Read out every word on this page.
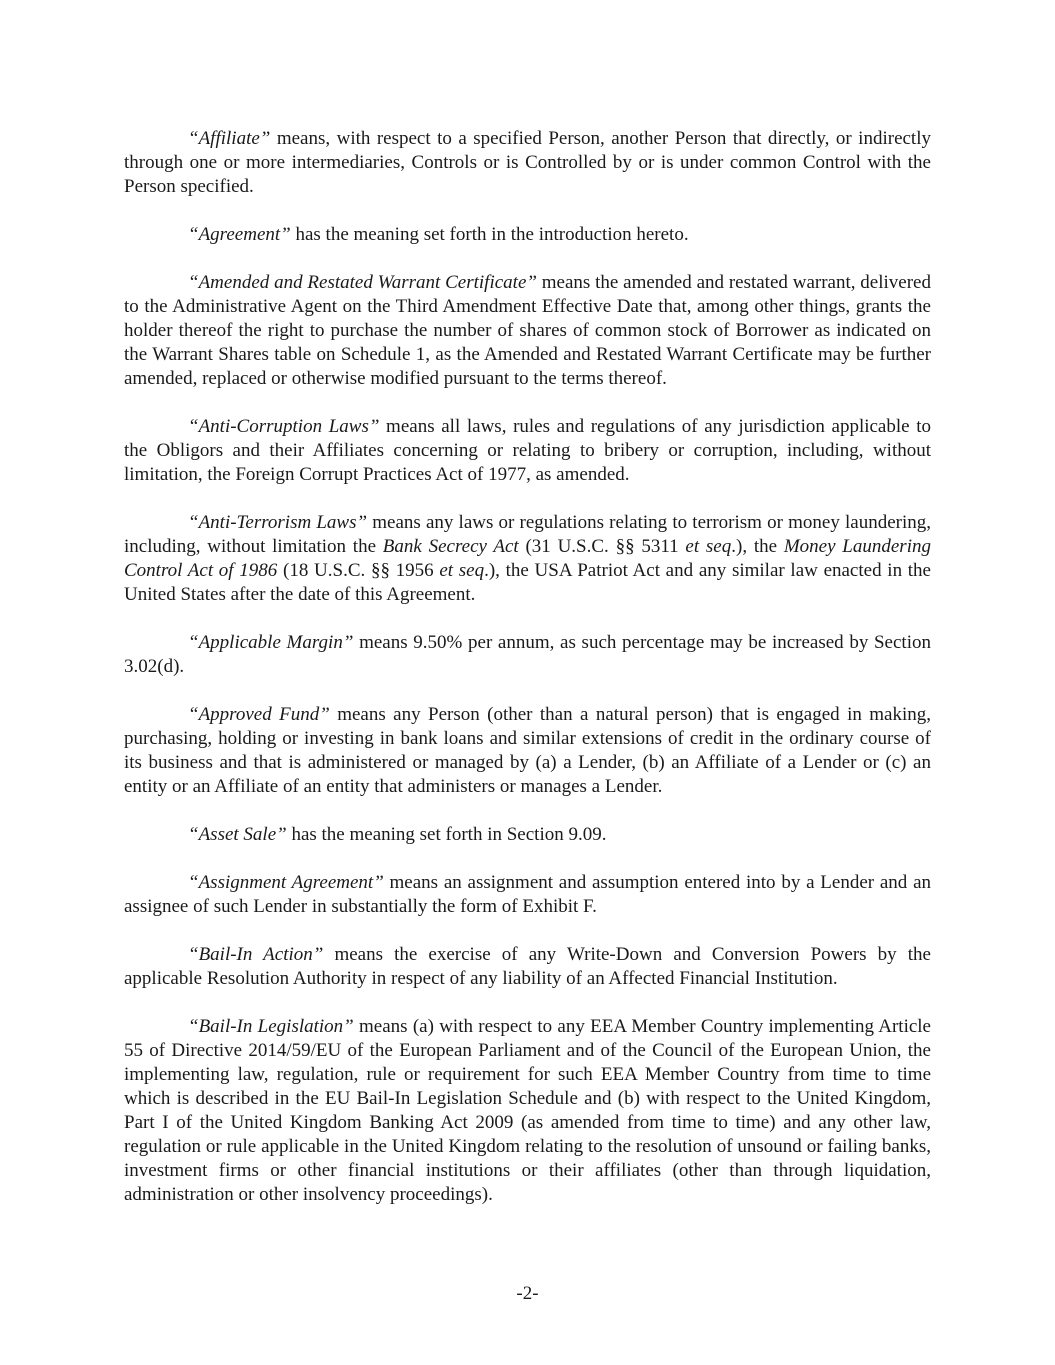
“Affiliate” means, with respect to a specified Person, another Person that directly, or indirectly through one or more intermediaries, Controls or is Controlled by or is under common Control with the Person specified.

“Agreement” has the meaning set forth in the introduction hereto.

“Amended and Restated Warrant Certificate” means the amended and restated warrant, delivered to the Administrative Agent on the Third Amendment Effective Date that, among other things, grants the holder thereof the right to purchase the number of shares of common stock of Borrower as indicated on the Warrant Shares table on Schedule 1, as the Amended and Restated Warrant Certificate may be further amended, replaced or otherwise modified pursuant to the terms thereof.

“Anti-Corruption Laws” means all laws, rules and regulations of any jurisdiction applicable to the Obligors and their Affiliates concerning or relating to bribery or corruption, including, without limitation, the Foreign Corrupt Practices Act of 1977, as amended.

“Anti-Terrorism Laws” means any laws or regulations relating to terrorism or money laundering, including, without limitation the Bank Secrecy Act (31 U.S.C. §§ 5311 et seq.), the Money Laundering Control Act of 1986 (18 U.S.C. §§ 1956 et seq.), the USA Patriot Act and any similar law enacted in the United States after the date of this Agreement.

“Applicable Margin” means 9.50% per annum, as such percentage may be increased by Section 3.02(d).

“Approved Fund” means any Person (other than a natural person) that is engaged in making, purchasing, holding or investing in bank loans and similar extensions of credit in the ordinary course of its business and that is administered or managed by (a) a Lender, (b) an Affiliate of a Lender or (c) an entity or an Affiliate of an entity that administers or manages a Lender.

“Asset Sale” has the meaning set forth in Section 9.09.

“Assignment Agreement” means an assignment and assumption entered into by a Lender and an assignee of such Lender in substantially the form of Exhibit F.

“Bail-In Action” means the exercise of any Write-Down and Conversion Powers by the applicable Resolution Authority in respect of any liability of an Affected Financial Institution.

“Bail-In Legislation” means (a) with respect to any EEA Member Country implementing Article 55 of Directive 2014/59/EU of the European Parliament and of the Council of the European Union, the implementing law, regulation, rule or requirement for such EEA Member Country from time to time which is described in the EU Bail-In Legislation Schedule and (b) with respect to the United Kingdom, Part I of the United Kingdom Banking Act 2009 (as amended from time to time) and any other law, regulation or rule applicable in the United Kingdom relating to the resolution of unsound or failing banks, investment firms or other financial institutions or their affiliates (other than through liquidation, administration or other insolvency proceedings).

-2-
